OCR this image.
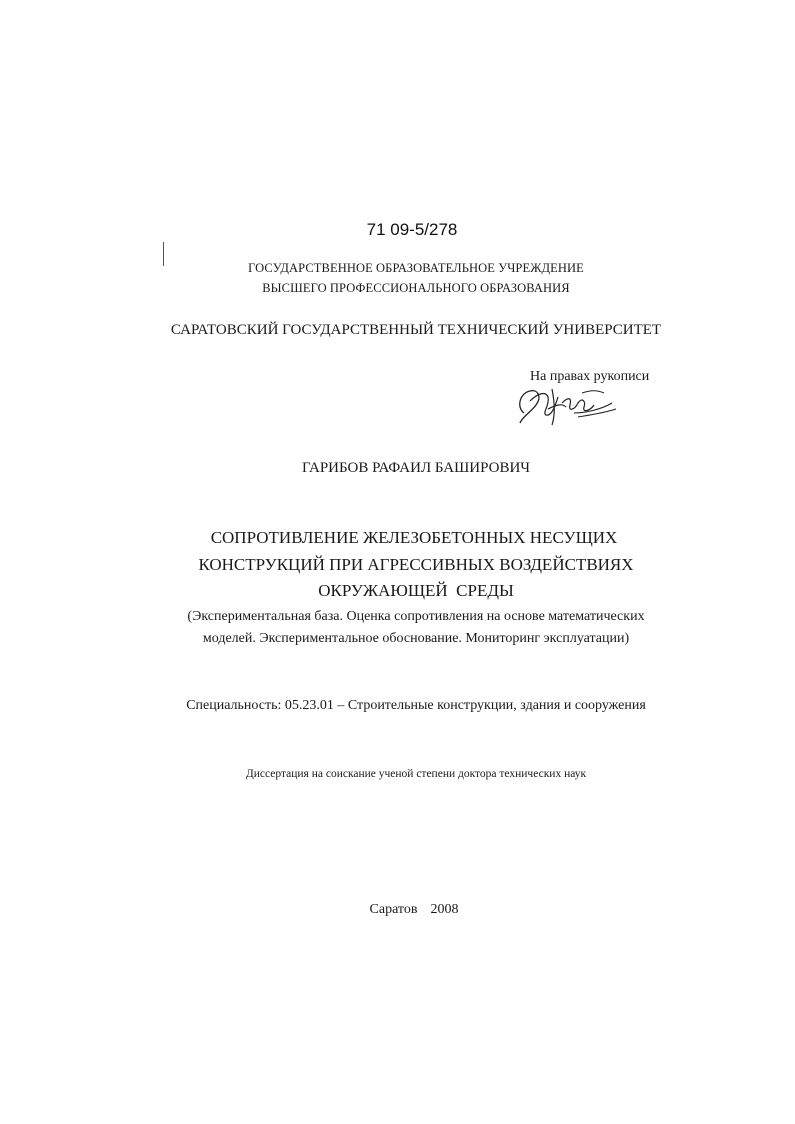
71 09-5/278
ГОСУДАРСТВЕННОЕ ОБРАЗОВАТЕЛЬНОЕ УЧРЕЖДЕНИЕ
ВЫСШЕГО ПРОФЕССИОНАЛЬНОГО ОБРАЗОВАНИЯ
САРАТОВСКИЙ ГОСУДАРСТВЕННЫЙ ТЕХНИЧЕСКИЙ УНИВЕРСИТЕТ
На правах рукописи
ГАРИБОВ РАФАИЛ БАШИРОВИЧ
СОПРОТИВЛЕНИЕ ЖЕЛЕЗОБЕТОННЫХ НЕСУЩИХ
КОНСТРУКЦИЙ ПРИ АГРЕССИВНЫХ ВОЗДЕЙСТВИЯХ
ОКРУЖАЮЩЕЙ  СРЕДЫ
(Экспериментальная база. Оценка сопротивления на основе математических
моделей. Экспериментальное обоснование. Мониторинг эксплуатации)
Специальность: 05.23.01 – Строительные конструкции, здания и сооружения
Диссертация на соискание ученой степени доктора технических наук
Саратов  2008
